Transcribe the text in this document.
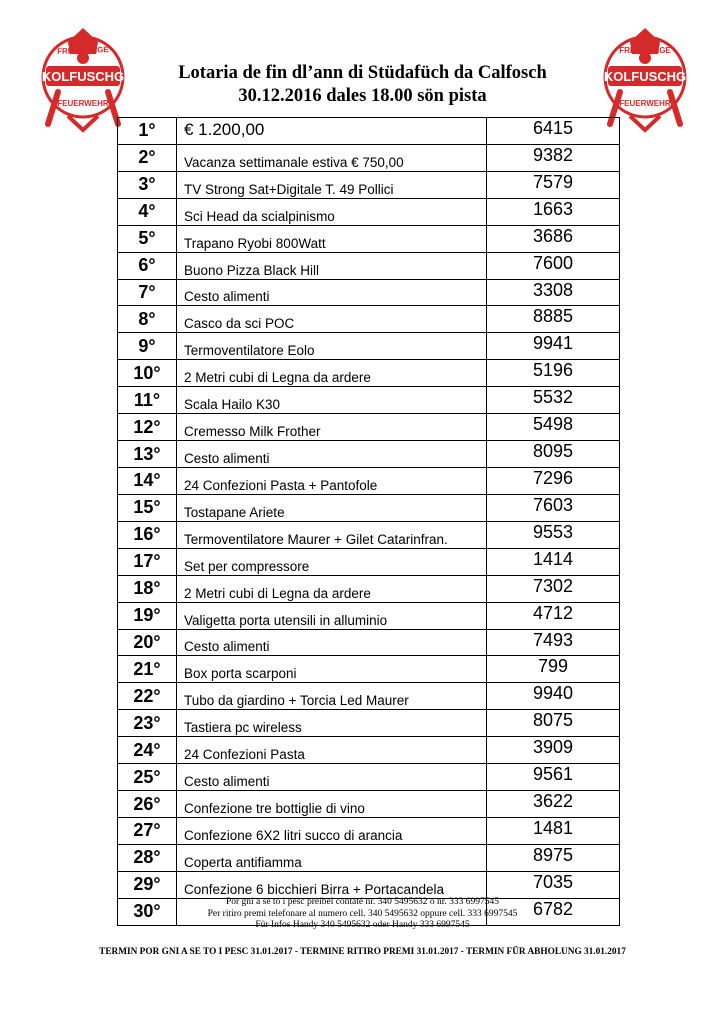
KOLFUSCHG
FREIWILLIGE
FEUERWEHR
KOLFUSCHG
FREIWILLIGE
FEUERWEHR
Lotaria de fin dl’ann di Stüdafüch da Calfosch
30.12.2016 dales 18.00 sön pista
1°	€ 1.200,00	6415
2°	Vacanza settimanale estiva € 750,00	9382
3°	TV Strong Sat+Digitale T. 49 Pollici	7579
4°	Sci Head da scialpinismo	1663
5°	Trapano Ryobi 800Watt	3686
6°	Buono Pizza Black Hill	7600
7°	Cesto alimenti	3308
8°	Casco da sci POC	8885
9°	Termoventilatore Eolo	9941
10°	2 Metri cubi di Legna da ardere	5196
11°	Scala Hailo K30	5532
12°	Cremesso Milk Frother	5498
13°	Cesto alimenti	8095
14°	24 Confezioni Pasta + Pantofole	7296
15°	Tostapane Ariete	7603
16°	Termoventilatore Maurer + Gilet Catarinfran.	9553
17°	Set per compressore	1414
18°	2 Metri cubi di Legna da ardere	7302
19°	Valigetta porta utensili in alluminio	4712
20°	Cesto alimenti	7493
21°	Box porta scarponi	799
22°	Tubo da giardino + Torcia Led Maurer	9940
23°	Tastiera pc wireless	8075
24°	24 Confezioni Pasta	3909
25°	Cesto alimenti	9561
26°	Confezione tre bottiglie di vino	3622
27°	Confezione 6X2 litri succo di arancia	1481
28°	Coperta antifiamma	8975
29°	Confezione 6 bicchieri Birra + Portacandela	7035
30°		6782
Por gni a se to i pesc preibel contaté nr. 340 5495632 o nr. 333 6997545
Per ritiro premi telefonare al numero cell. 340 5495632 oppure cell. 333 6997545
Für Infos Handy 340 5495632 oder Handy 333 6997545
TERMIN POR GNI A SE TO I PESC 31.01.2017 - TERMINE RITIRO PREMI 31.01.2017 - TERMIN FÜR ABHOLUNG 31.01.2017
